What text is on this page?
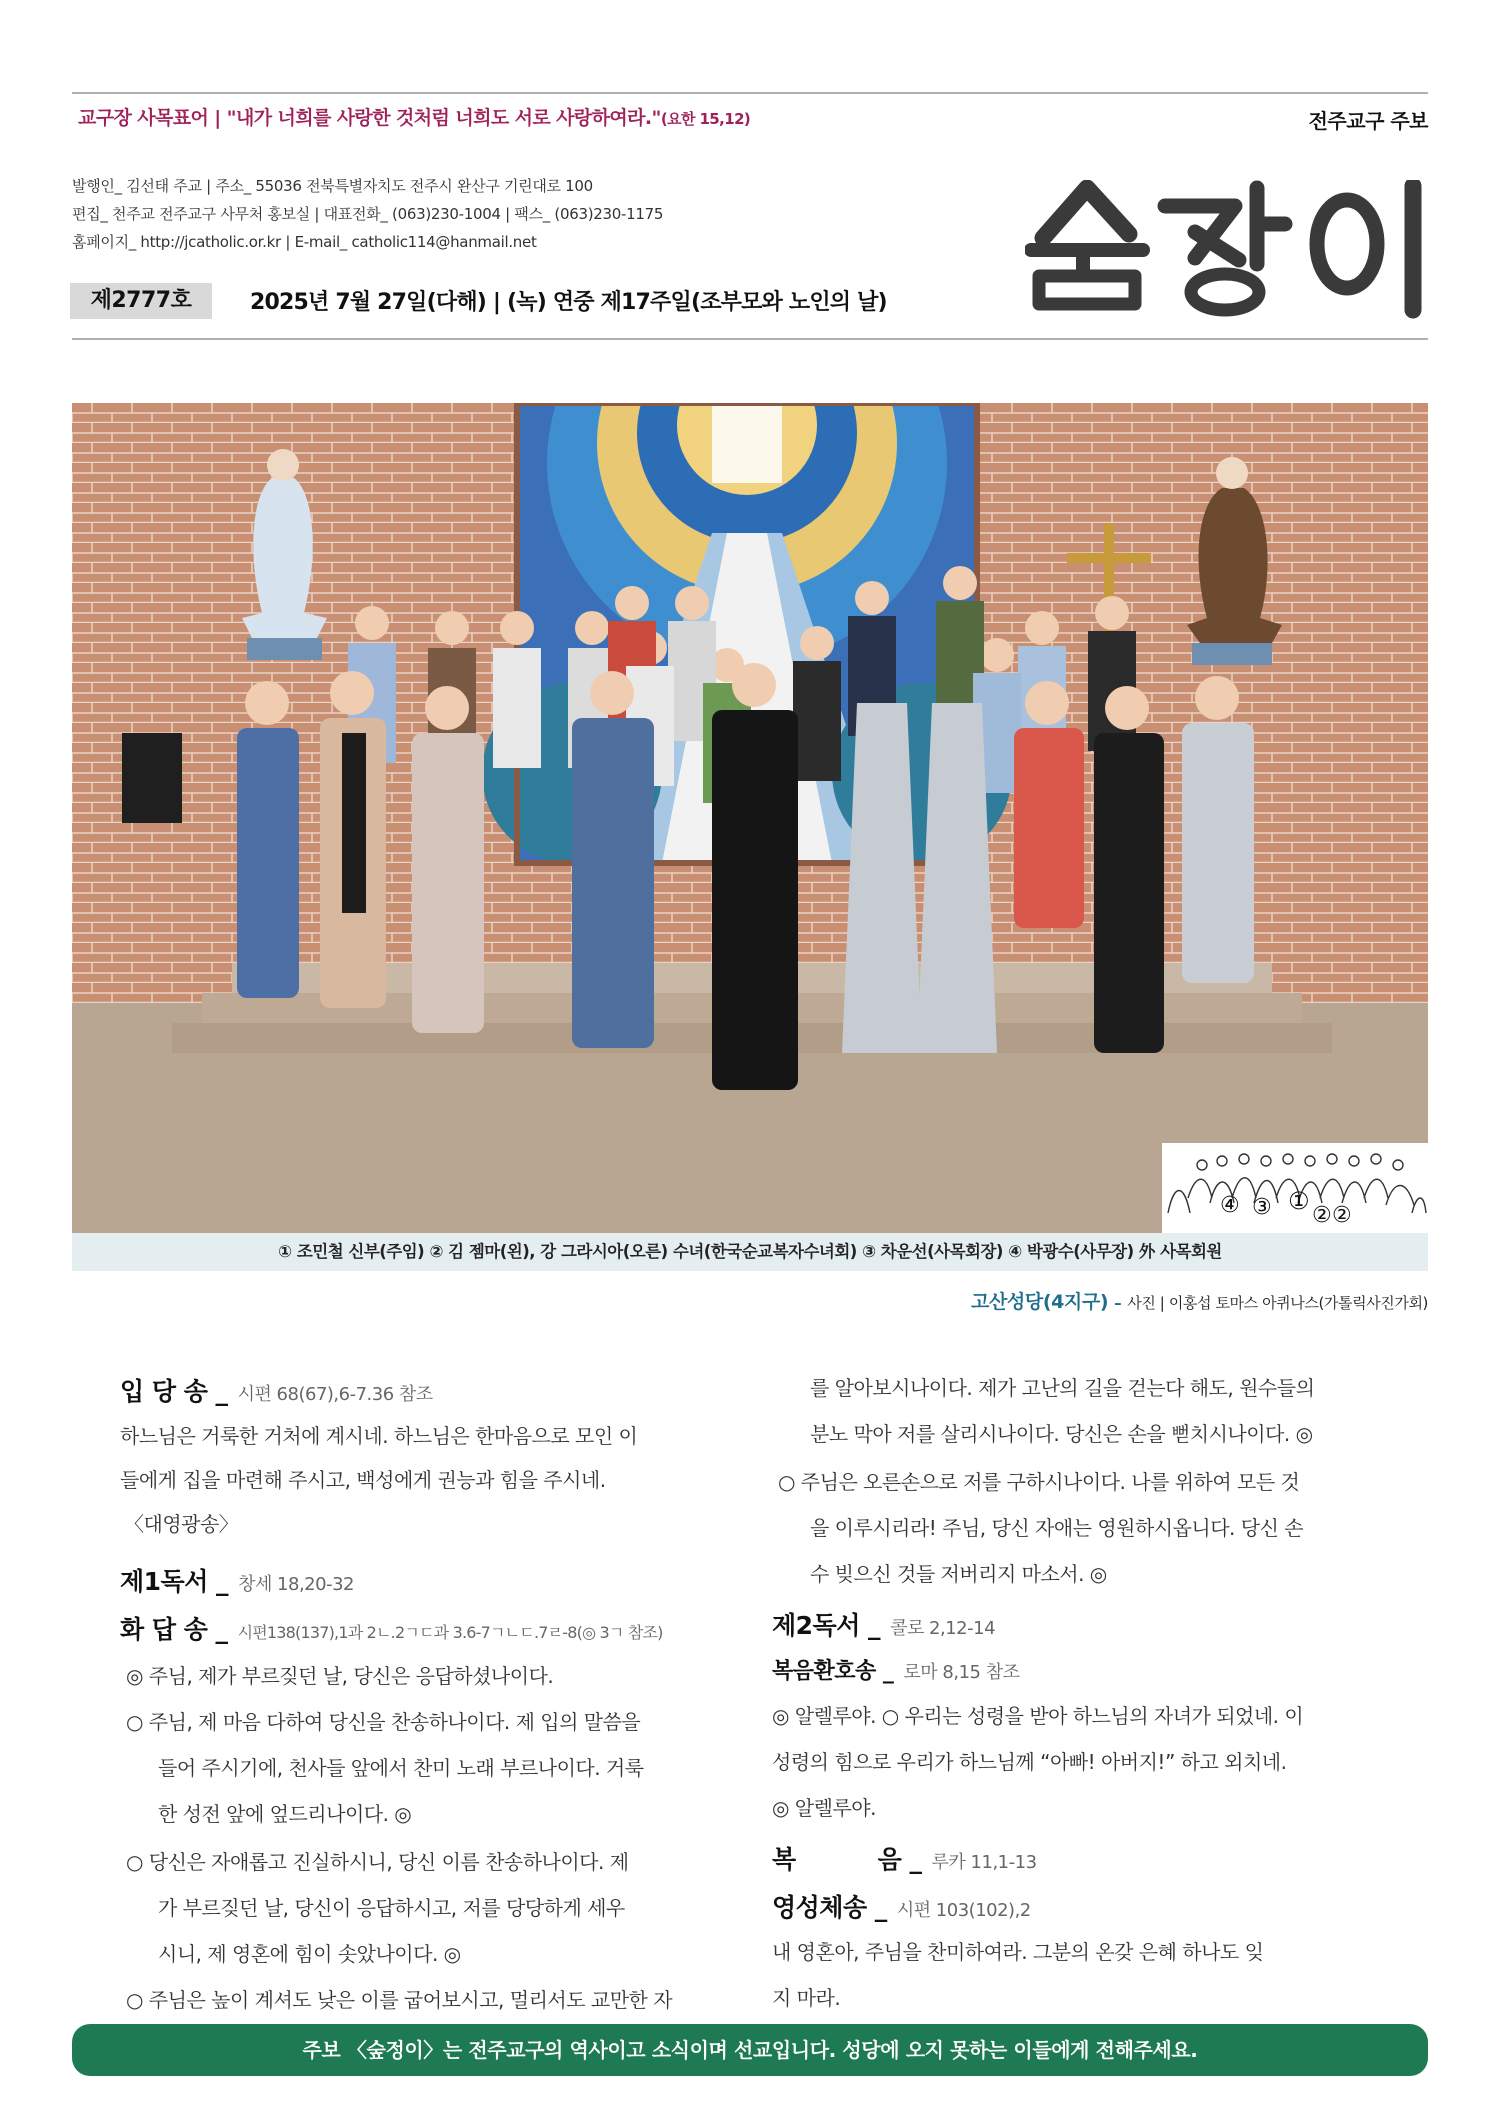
교구장 사목표어 | "내가 너희를 사랑한 것처럼 너희도 서로 사랑하여라."(요한 15,12)	전주교구 주보
발행인_ 김선태 주교 | 주소_ 55036 전북특별자치도 전주시 완산구 기린대로 100
편집_ 천주교 전주교구 사무처 홍보실 | 대표전화_ (063)230-1004 | 팩스_ (063)230-1175
홈페이지_ http://jcatholic.or.kr | E-mail_ catholic114@hanmail.net
제2777호	2025년 7월 27일(다해) | (녹) 연중 제17주일(조부모와 노인의 날)
④ ③ ①
② ②
① 조민철 신부(주임) ② 김 젬마(왼), 강 그라시아(오른) 수녀(한국순교복자수녀회) ③ 차운선(사목회장) ④ 박광수(사무장) 外 사목회원
고산성당(4지구) – 사진 | 이홍섭 토마스 아퀴나스(가톨릭사진가회)

입 당 송 _ 시편 68(67),6-7.36 참조

하느님은 거룩한 거처에 계시네. 하느님은 한마음으로 모인 이

들에게 집을 마련해 주시고, 백성에게 권능과 힘을 주시네.

〈대영광송〉

제1독서 _ 창세 18,20-32

화 답 송 _ 시편138(137),1과 2ㄴ.2ㄱㄷ과 3.6-7ㄱㄴㄷ.7ㄹ-8(◎ 3ㄱ 참조)

◎ 주님, 제가 부르짖던 날, 당신은 응답하셨나이다.

○ 주님, 제 마음 다하여 당신을 찬송하나이다. 제 입의 말씀을

들어 주시기에, 천사들 앞에서 찬미 노래 부르나이다. 거룩

한 성전 앞에 엎드리나이다. ◎

○ 당신은 자애롭고 진실하시니, 당신 이름 찬송하나이다. 제

가 부르짖던 날, 당신이 응답하시고, 저를 당당하게 세우

시니, 제 영혼에 힘이 솟았나이다. ◎

○ 주님은 높이 계셔도 낮은 이를 굽어보시고, 멀리서도 교만한 자

를 알아보시나이다. 제가 고난의 길을 걷는다 해도, 원수들의

분노 막아 저를 살리시나이다. 당신은 손을 뻗치시나이다. ◎

○ 주님은 오른손으로 저를 구하시나이다. 나를 위하여 모든 것

을 이루시리라! 주님, 당신 자애는 영원하시옵니다. 당신 손

수 빚으신 것들 저버리지 마소서. ◎

제2독서 _ 콜로 2,12-14

복음환호송 _ 로마 8,15 참조

◎ 알렐루야. ○ 우리는 성령을 받아 하느님의 자녀가 되었네. 이

성령의 힘으로 우리가 하느님께 “아빠! 아버지!” 하고 외치네.

◎ 알렐루야.

복          음 _ 루카 11,1-13

영성체송 _ 시편 103(102),2

내 영혼아, 주님을 찬미하여라. 그분의 온갖 은혜 하나도 잊

지 마라.

주보 〈숲정이〉는 전주교구의 역사이고 소식이며 선교입니다. 성당에 오지 못하는 이들에게 전해주세요.
